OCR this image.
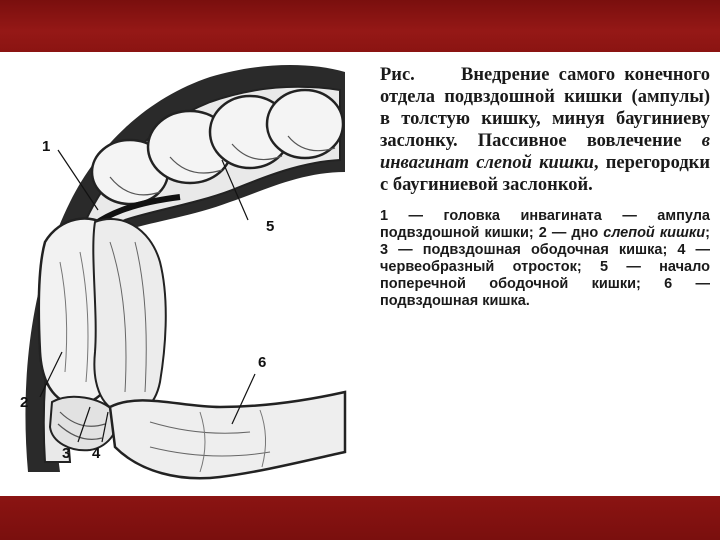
1
2
3 4
5
6

Рис.	Внедрение самого конечного отдела подвздошной кишки (ампулы) в толстую кишку, минуя баугиниеву заслонку. Пассивное вовлечение в инвагинат слепой кишки, перегородки с баугиниевой заслонкой.

1 — головка инвагината — ампула подвздошной кишки; 2 — дно слепой кишки; 3 — подвздошная ободочная кишка; 4 — червеобразный отросток; 5 — начало поперечной ободочной кишки; 6 — подвздошная кишка.
